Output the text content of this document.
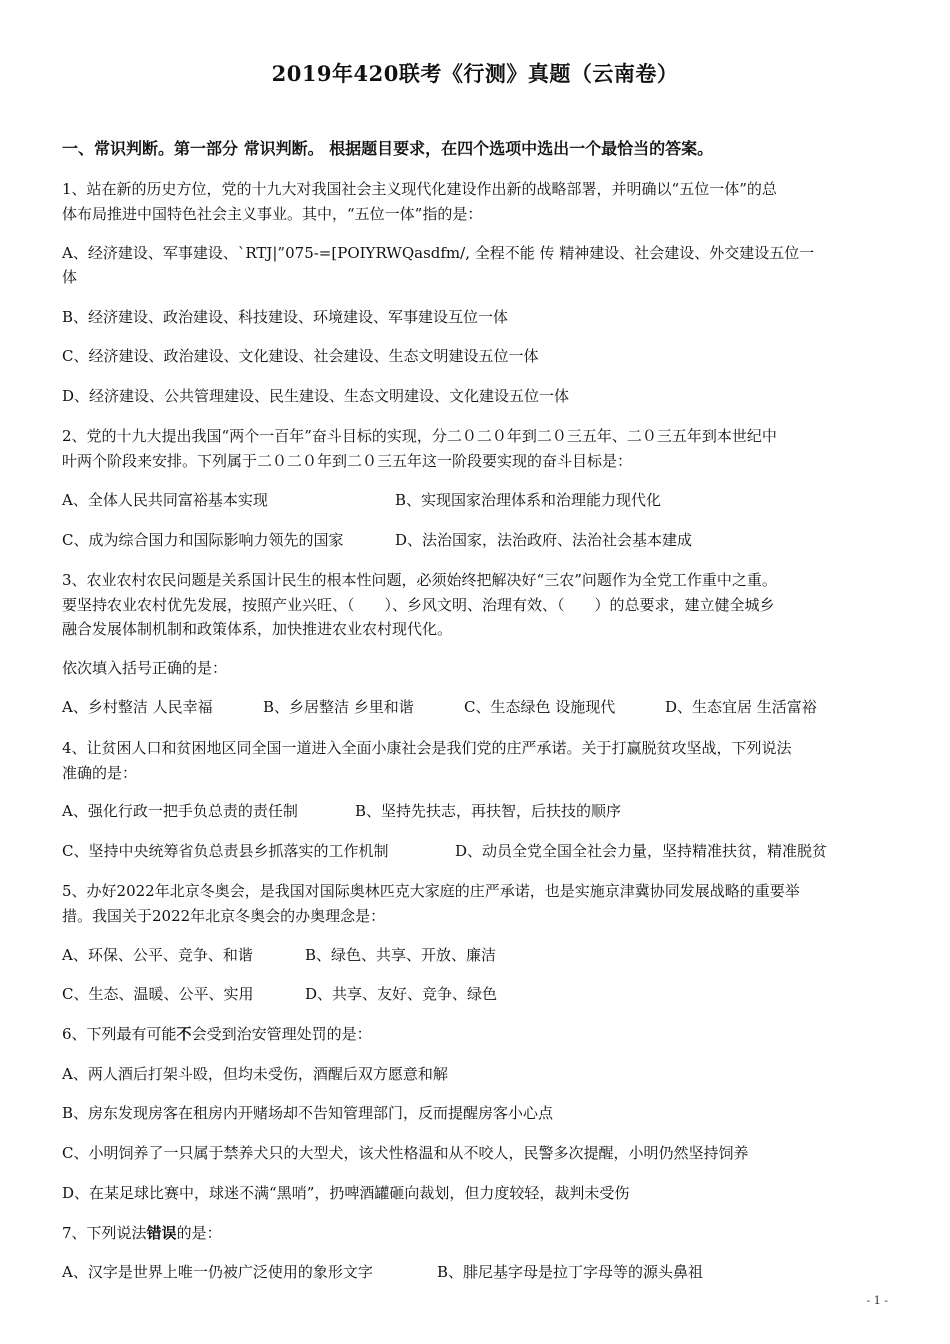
2019年420联考《行测》真题（云南卷）
一、常识判断。第一部分 常识判断。 根据题目要求，在四个选项中选出一个最恰当的答案。
1、站在新的历史方位，党的十九大对我国社会主义现代化建设作出新的战略部署，并明确以“五位一体”的总
体布局推进中国特色社会主义事业。其中，“五位一体”指的是：
A、经济建设、军事建设、`RTJ|”075-=[POIYRWQasdfm/, 全程不能 传 精神建设、社会建设、外交建设五位一
体
B、经济建设、政治建设、科技建设、环境建设、军事建设互位一体
C、经济建设、政治建设、文化建设、社会建设、生态文明建设五位一体
D、经济建设、公共管理建设、民生建设、生态文明建设、文化建设五位一体
2、党的十九大提出我国“两个一百年”奋斗目标的实现，分二０二０年到二０三五年、二０三五年到本世纪中
叶两个阶段来安排。下列属于二０二０年到二０三五年这一阶段要实现的奋斗目标是：
A、全体人民共同富裕基本实现	B、实现国家治理体系和治理能力现代化
C、成为综合国力和国际影响力领先的国家	D、法治国家，法治政府、法治社会基本建成
3、农业农村农民问题是关系国计民生的根本性问题，必须始终把解决好“三农”问题作为全党工作重中之重。
要坚持农业农村优先发展，按照产业兴旺、（　　）、乡风文明、治理有效、（　　）的总要求，建立健全城乡
融合发展体制机制和政策体系，加快推进农业农村现代化。
依次填入括号正确的是：
A、乡村整洁 人民幸福	B、乡居整洁 乡里和谐	C、生态绿色 设施现代	D、生态宜居 生活富裕
4、让贫困人口和贫困地区同全国一道进入全面小康社会是我们党的庄严承诺。关于打赢脱贫攻坚战，下列说法
准确的是：
A、强化行政一把手负总责的责任制	B、坚持先扶志，再扶智，后扶技的顺序
C、坚持中央统筹省负总责县乡抓落实的工作机制	D、动员全党全国全社会力量，坚持精准扶贫，精准脱贫
5、办好2022年北京冬奥会，是我国对国际奥林匹克大家庭的庄严承诺，也是实施京津冀协同发展战略的重要举
措。我国关于2022年北京冬奥会的办奥理念是：
A、环保、公平、竞争、和谐	B、绿色、共享、开放、廉洁
C、生态、温暖、公平、实用	D、共享、友好、竞争、绿色
6、下列最有可能不会受到治安管理处罚的是：
A、两人酒后打架斗殴，但均未受伤，酒醒后双方愿意和解
B、房东发现房客在租房内开赌场却不告知管理部门，反而提醒房客小心点
C、小明饲养了一只属于禁养犬只的大型犬，该犬性格温和从不咬人，民警多次提醒，小明仍然坚持饲养
D、在某足球比赛中，球迷不满“黑哨”，扔啤酒罐砸向裁划，但力度较轻，裁判未受伤
7、下列说法错误的是：
A、汉字是世界上唯一仍被广泛使用的象形文字	B、腓尼基字母是拉丁字母等的源头鼻祖
- 1 -
